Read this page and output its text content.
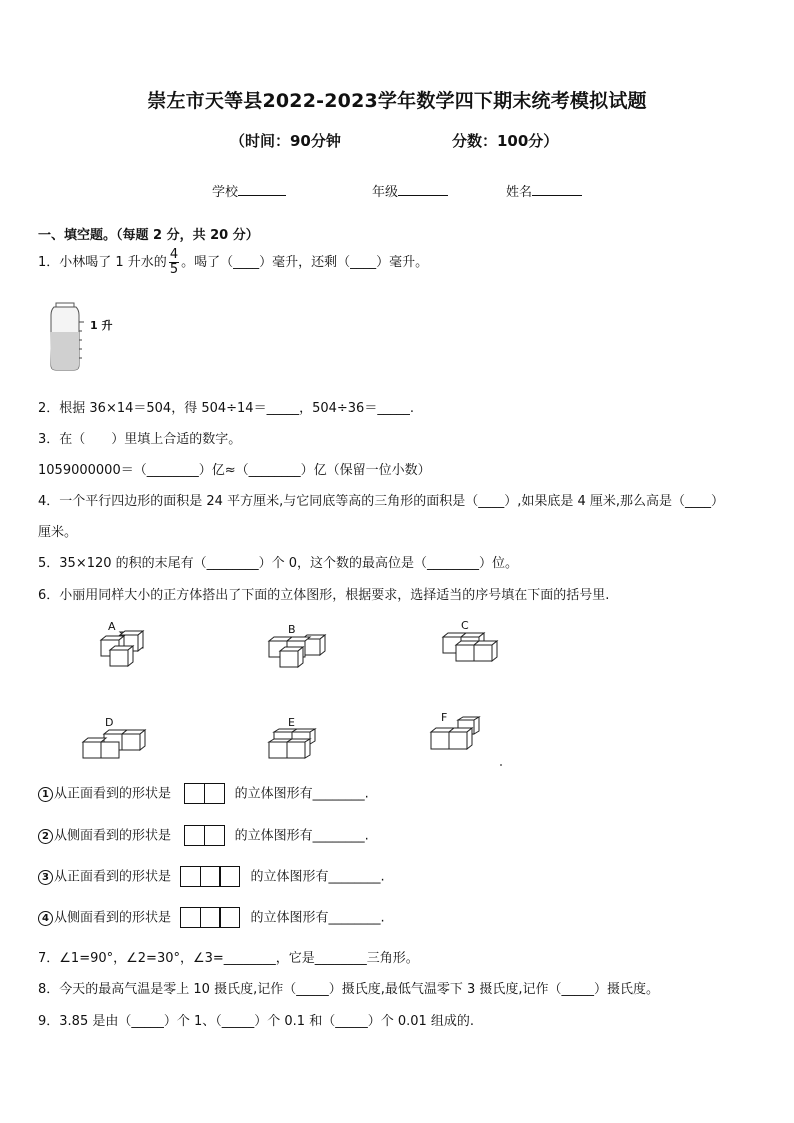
崇左市天等县2022-2023学年数学四下期末统考模拟试题
（时间：90分钟	分数：100分）
学校	年级	姓名
一、填空题。（每题 2 分，共 20 分）
1．小林喝了 1 升水的 $\frac{4}{5}$ 。喝了（____）毫升，还剩（____）毫升。
1 升
2．根据 36×14＝504，得 504÷14＝_____，504÷36＝_____.
3．在（　　）里填上合适的数字。
1059000000＝（________）亿≈（________）亿（保留一位小数）
4．一个平行四边形的面积是 24 平方厘米,与它同底等高的三角形的面积是（____）,如果底是 4 厘米,那么高是（____）
厘米。
5．35×120 的积的末尾有（________）个 0，这个数的最高位是（________）位。
6．小丽用同样大小的正方体搭出了下面的立体图形，根据要求，选择适当的序号填在下面的括号里.
A	B	C
D	E	F
1 从正面看到的形状是	的立体图形有________.
2 从侧面看到的形状是	的立体图形有________.
3 从正面看到的形状是	的立体图形有________.
4 从侧面看到的形状是	的立体图形有________.
7．∠1=90°，∠2=30°，∠3=________，它是________三角形。
8．今天的最高气温是零上 10 摄氏度,记作（_____）摄氏度,最低气温零下 3 摄氏度,记作（_____）摄氏度。
9．3.85 是由（_____）个 1、（_____）个 0.1 和（_____）个 0.01 组成的.
